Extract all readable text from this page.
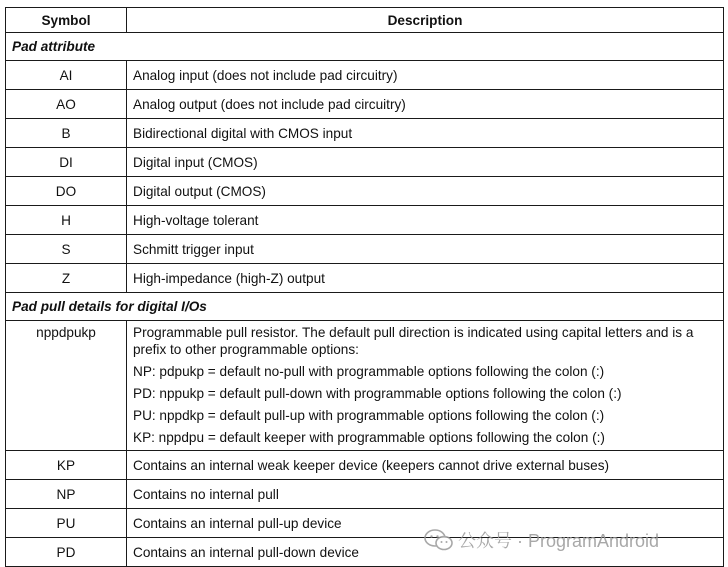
Symbol	Description
Pad attribute	
AI	Analog input (does not include pad circuitry)
AO	Analog output (does not include pad circuitry)
B	Bidirectional digital with CMOS input
DI	Digital input (CMOS)
DO	Digital output (CMOS)
H	High-voltage tolerant
S	Schmitt trigger input
Z	High-impedance (high-Z) output
Pad pull details for digital I/Os	
nppdpukp	Programmable pull resistor. The default pull direction is indicated using capital letters and is a prefix to other programmable options:

NP: pdpukp = default no-pull with programmable options following the colon (:)

PD: nppukp = default pull-down with programmable options following the colon (:)

PU: nppdkp = default pull-up with programmable options following the colon (:)

KP: nppdpu = default keeper with programmable options following the colon (:)

KP	Contains an internal weak keeper device (keepers cannot drive external buses)
NP	Contains no internal pull
PU	Contains an internal pull-up device
PD	Contains an internal pull-down device
公众号 · ProgramAndroid
